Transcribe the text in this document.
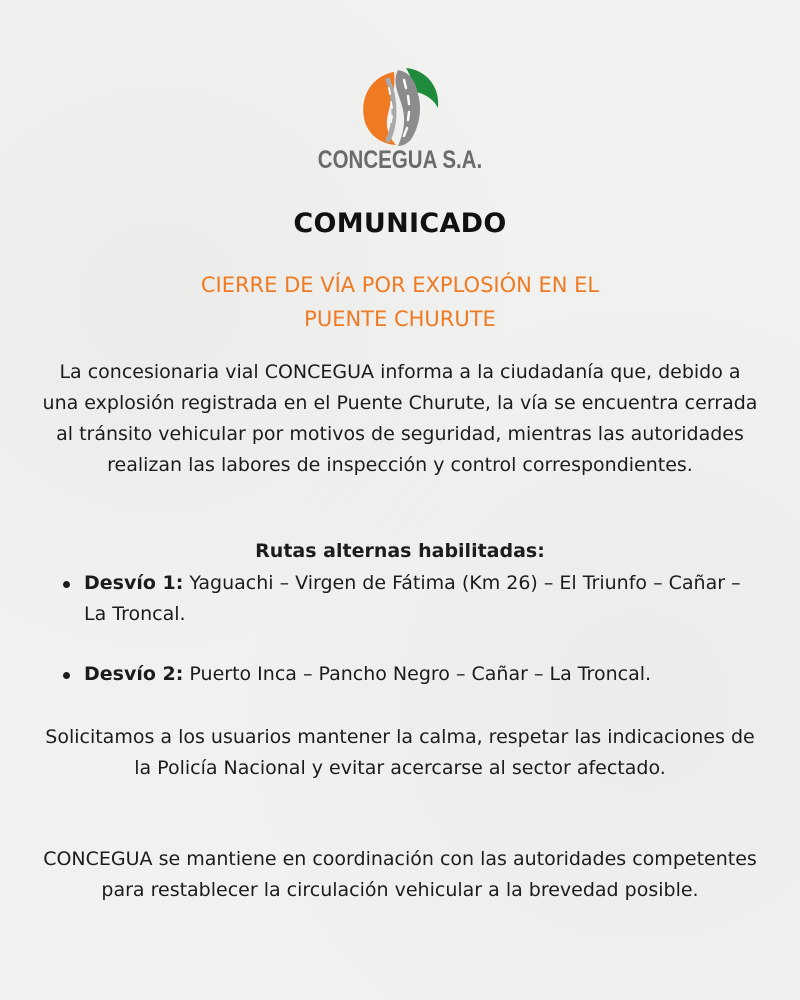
CONCEGUA S.A.
COMUNICADO
CIERRE DE VÍA POR EXPLOSIÓN EN EL
PUENTE CHURUTE
La concesionaria vial CONCEGUA informa a la ciudadanía que, debido a una explosión registrada en el Puente Churute, la vía se encuentra cerrada al tránsito vehicular por motivos de seguridad, mientras las autoridades realizan las labores de inspección y control correspondientes.
Rutas alternas habilitadas:
Desvío 1: Yaguachi – Virgen de Fátima (Km 26) – El Triunfo – Cañar – La Troncal.
Desvío 2: Puerto Inca – Pancho Negro – Cañar – La Troncal.
Solicitamos a los usuarios mantener la calma, respetar las indicaciones de la Policía Nacional y evitar acercarse al sector afectado.
CONCEGUA se mantiene en coordinación con las autoridades competentes para restablecer la circulación vehicular a la brevedad posible.
